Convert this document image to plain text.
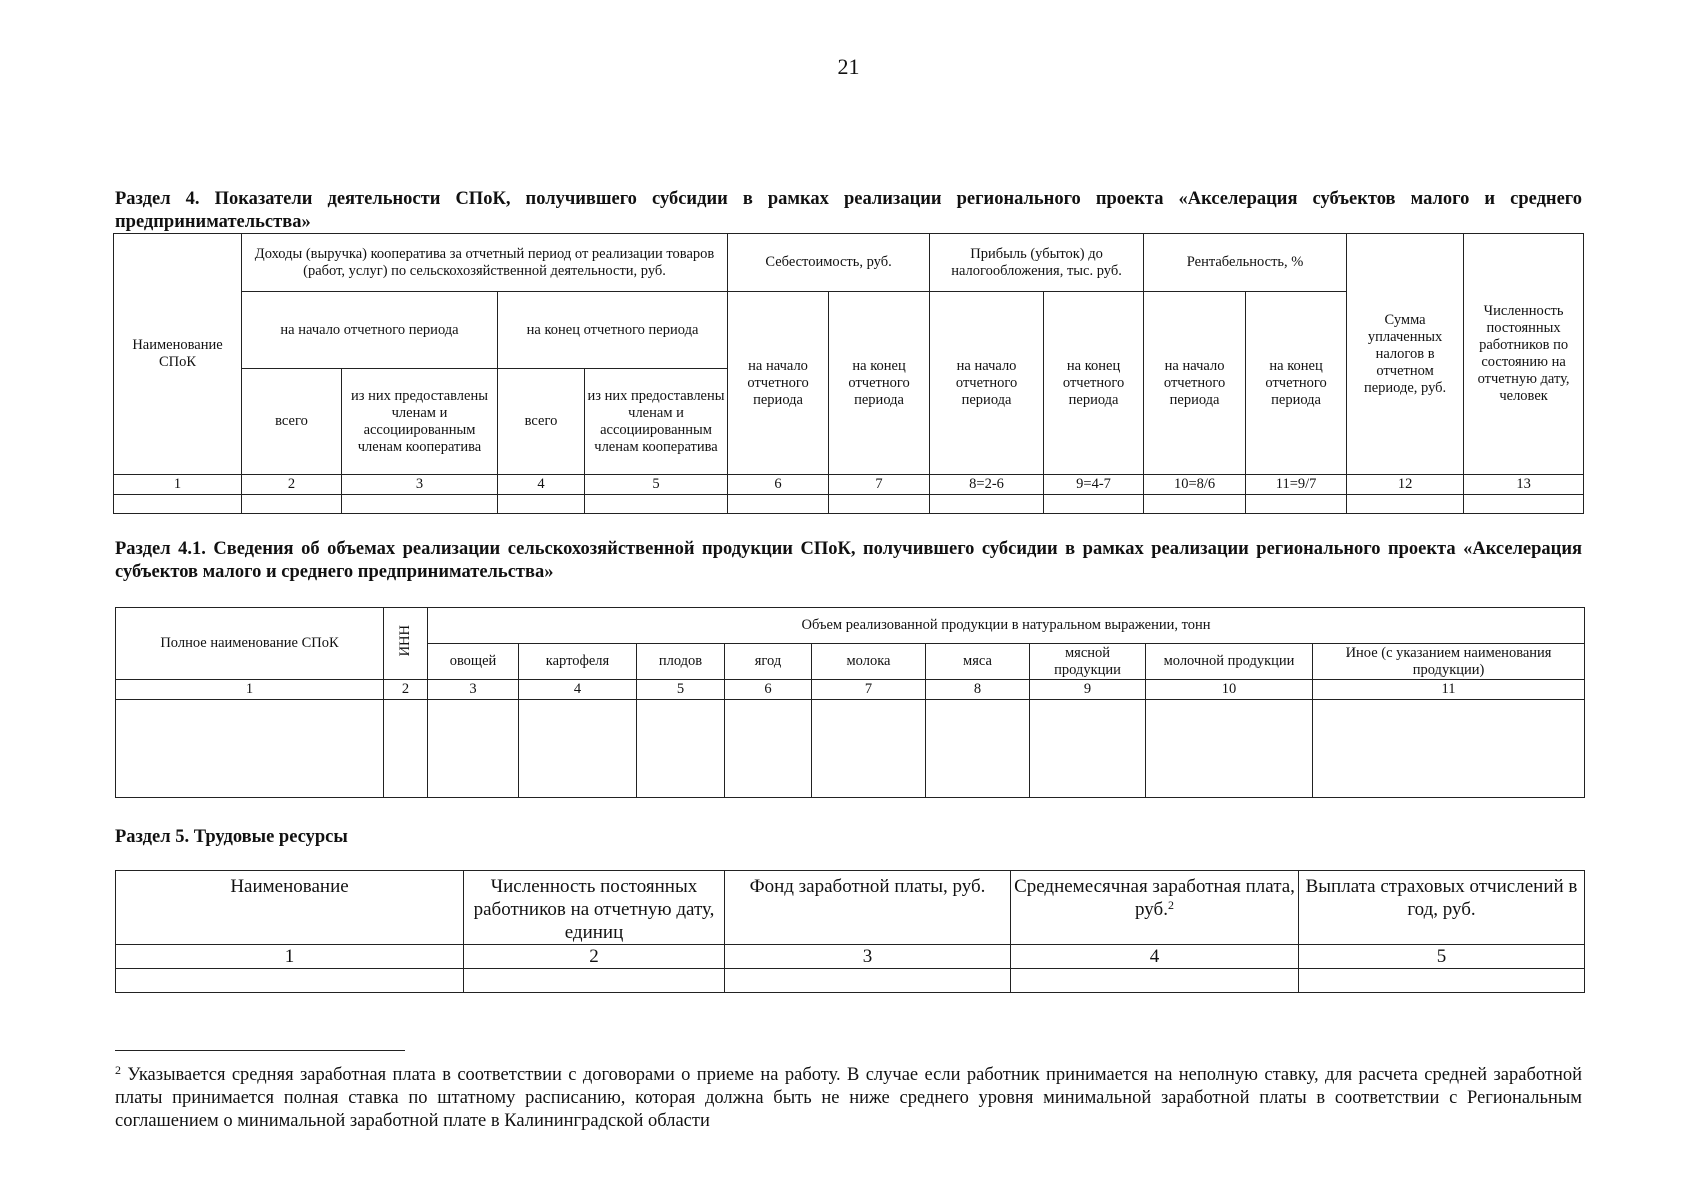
21
Раздел 4. Показатели деятельности СПоК, получившего субсидии в рамках реализации регионального проекта «Акселерация субъектов малого и среднего предпринимательства»
Наименование СПоК	Доходы (выручка) кооператива за отчетный период от реализации товаров (работ, услуг) по сельскохозяйственной деятельности, руб.				Себестоимость, руб.		Прибыль (убыток) до налогообложения, тыс. руб.		Рентабельность, %		Сумма уплаченных налогов в отчетном периоде, руб.	Численность постоянных работников по состоянию на отчетную дату, человек
	на начало отчетного периода		на конец отчетного периода		на начало отчетного периода	на конец отчетного периода	на начало отчетного периода	на конец отчетного периода	на начало отчетного периода	на конец отчетного периода		
	всего	из них предоставлены членам и ассоциированным членам кооператива	всего	из них предоставлены членам и ассоциированным членам кооператива								
1	2	3	4	5	6	7	8=2-6	9=4-7	10=8/6	11=9/7	12	13

Раздел 4.1. Сведения об объемах реализации сельскохозяйственной продукции СПоК, получившего субсидии в рамках реализации регионального проекта «Акселерация субъектов малого и среднего предпринимательства»
Полное наименование СПоК	ИНН	Объем реализованной продукции в натуральном выражении, тонн								
		овощей	картофеля	плодов	ягод	молока	мяса	мясной продукции	молочной продукции	Иное (с указанием наименования продукции)
1	2	3	4	5	6	7	8	9	10	11

Раздел 5. Трудовые ресурсы
Наименование	Численность постоянных работников на отчетную дату, единиц	Фонд заработной платы, руб.	Среднемесячная заработная плата, руб.$^2$	Выплата страховых отчислений в год, руб.
1	2	3	4	5

$^2$ Указывается средняя заработная плата в соответствии с договорами о приеме на работу. В случае если работник принимается на неполную ставку, для расчета средней заработной платы принимается полная ставка по штатному расписанию, которая должна быть не ниже среднего уровня минимальной заработной платы в соответствии с Региональным соглашением о минимальной заработной плате в Калининградской области
